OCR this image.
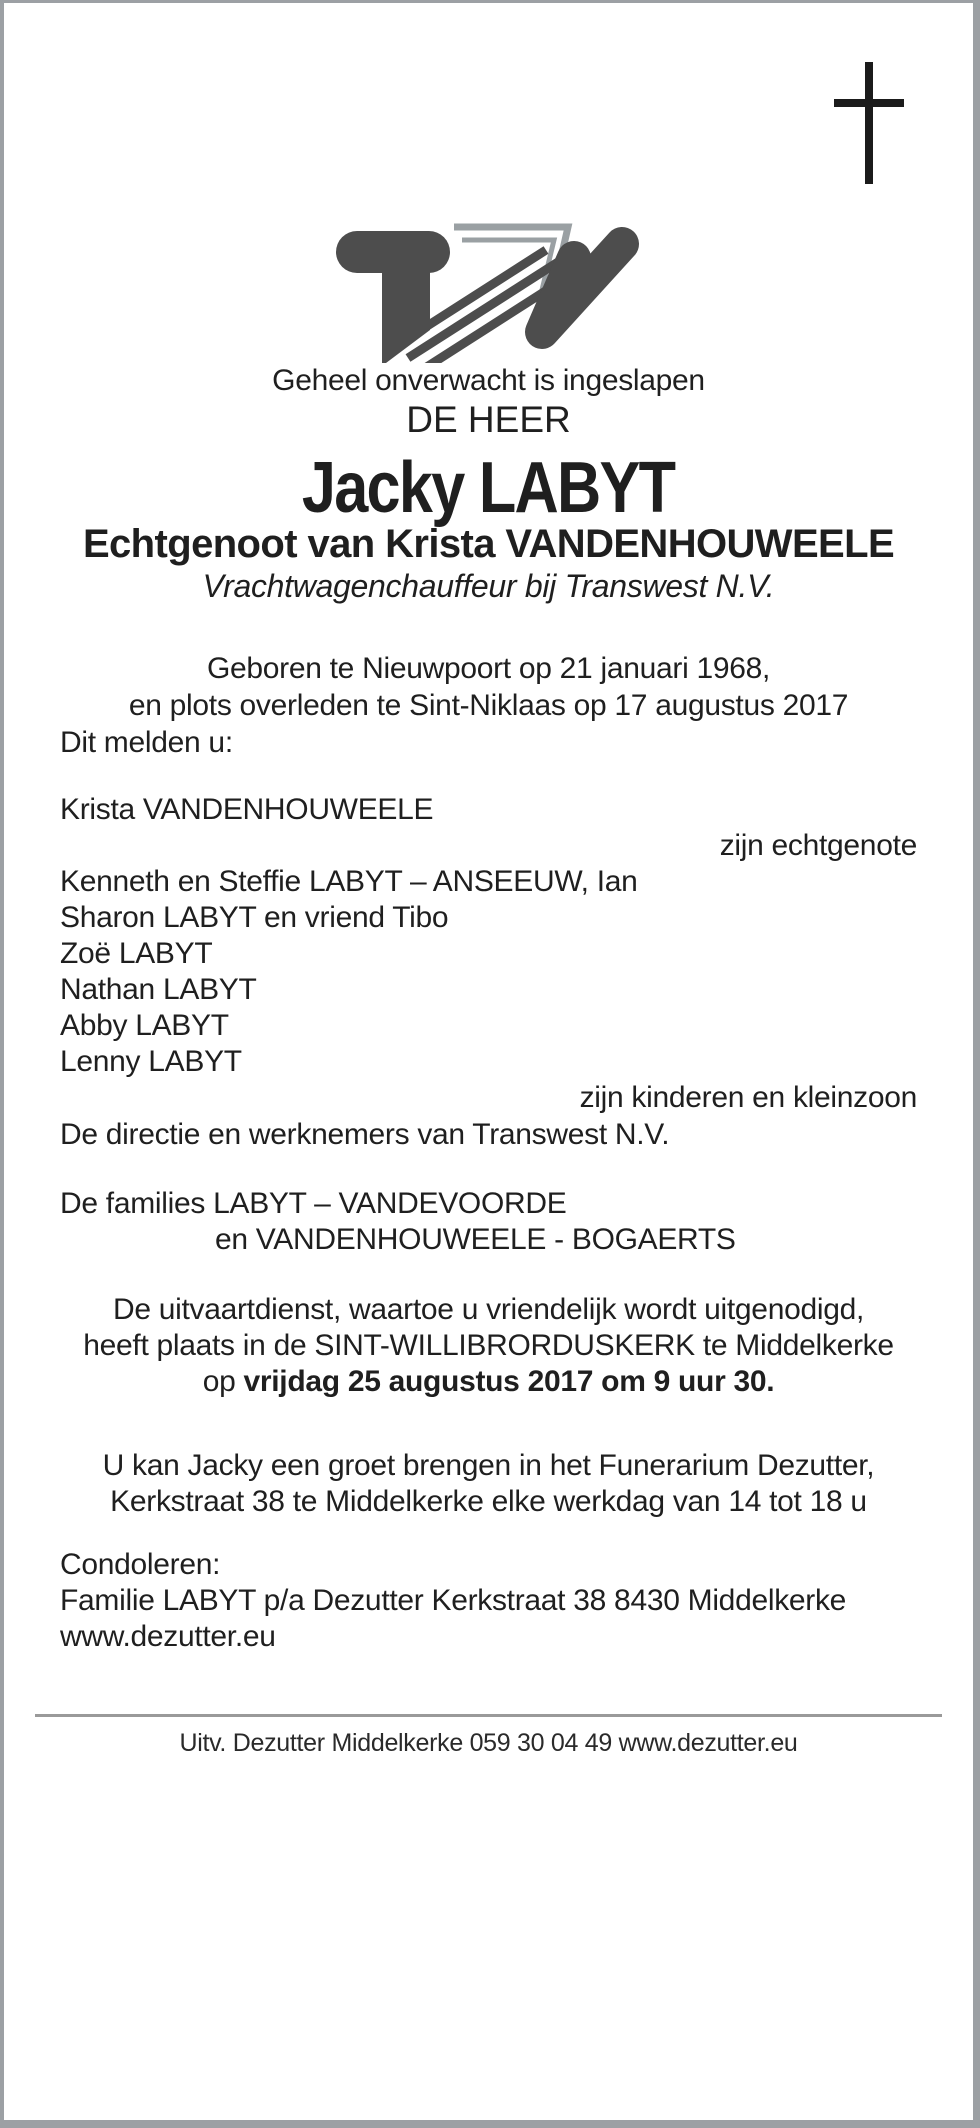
Geheel onverwacht is ingeslapen

DE HEER

Jacky LABYT

Echtgenoot van Krista VANDENHOUWEELE

Vrachtwagenchauffeur bij Transwest N.V.

Geboren te Nieuwpoort op 21 januari 1968,
en plots overleden te Sint-Niklaas op 17 augustus 2017

Dit melden u:

Krista VANDENHOUWEELE
zijn echtgenote
Kenneth en Steffie LABYT – ANSEEUW, Ian
Sharon LABYT en vriend Tibo
Zoë LABYT
Nathan LABYT
Abby LABYT
Lenny LABYT
zijn kinderen en kleinzoon

De directie en werknemers van Transwest N.V.

De families LABYT – VANDEVOORDE
en VANDENHOUWEELE - BOGAERTS
De uitvaartdienst, waartoe u vriendelijk wordt uitgenodigd,
heeft plaats in de SINT-WILLIBRORDUSKERK te Middelkerke
op vrijdag 25 augustus 2017 om 9 uur 30.
U kan Jacky een groet brengen in het Funerarium Dezutter,
Kerkstraat 38 te Middelkerke elke werkdag van 14 tot 18 u
Condoleren:
Familie LABYT p/a Dezutter Kerkstraat 38 8430 Middelkerke
www.dezutter.eu

Uitv. Dezutter Middelkerke 059 30 04 49 www.dezutter.eu
